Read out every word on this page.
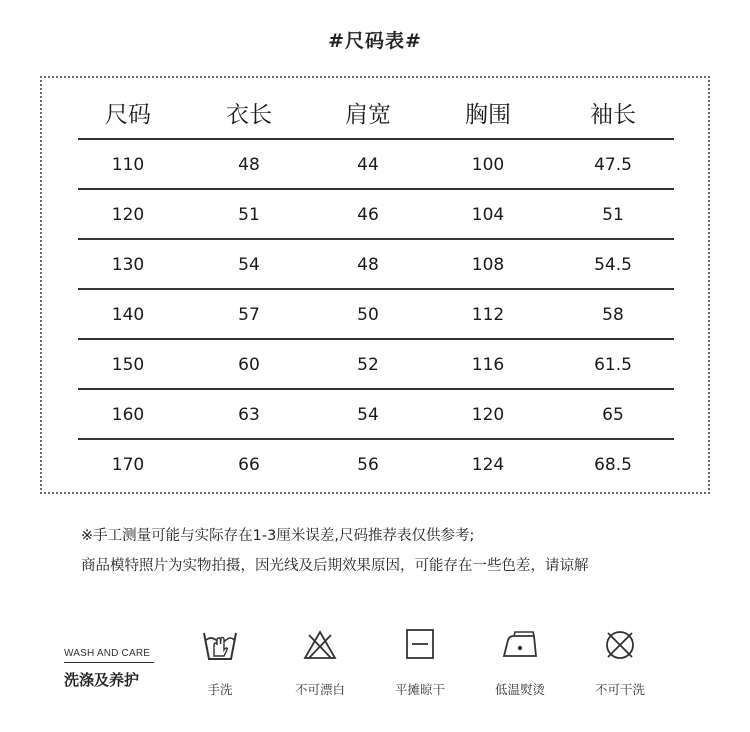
#尺码表#
尺码	衣长	肩宽	胸围	袖长
110	48	44	100	47.5
120	51	46	104	51
130	54	48	108	54.5
140	57	50	112	58
150	60	52	116	61.5
160	63	54	120	65
170	66	56	124	68.5
※手工测量可能与实际存在1-3厘米误差,尺码推荐表仅供参考;
商品模特照片为实物拍摄，因光线及后期效果原因，可能存在一些色差，请谅解
WASH AND CARE
洗涤及养护
手洗	不可漂白	平摊晾干	低温熨烫	不可干洗
